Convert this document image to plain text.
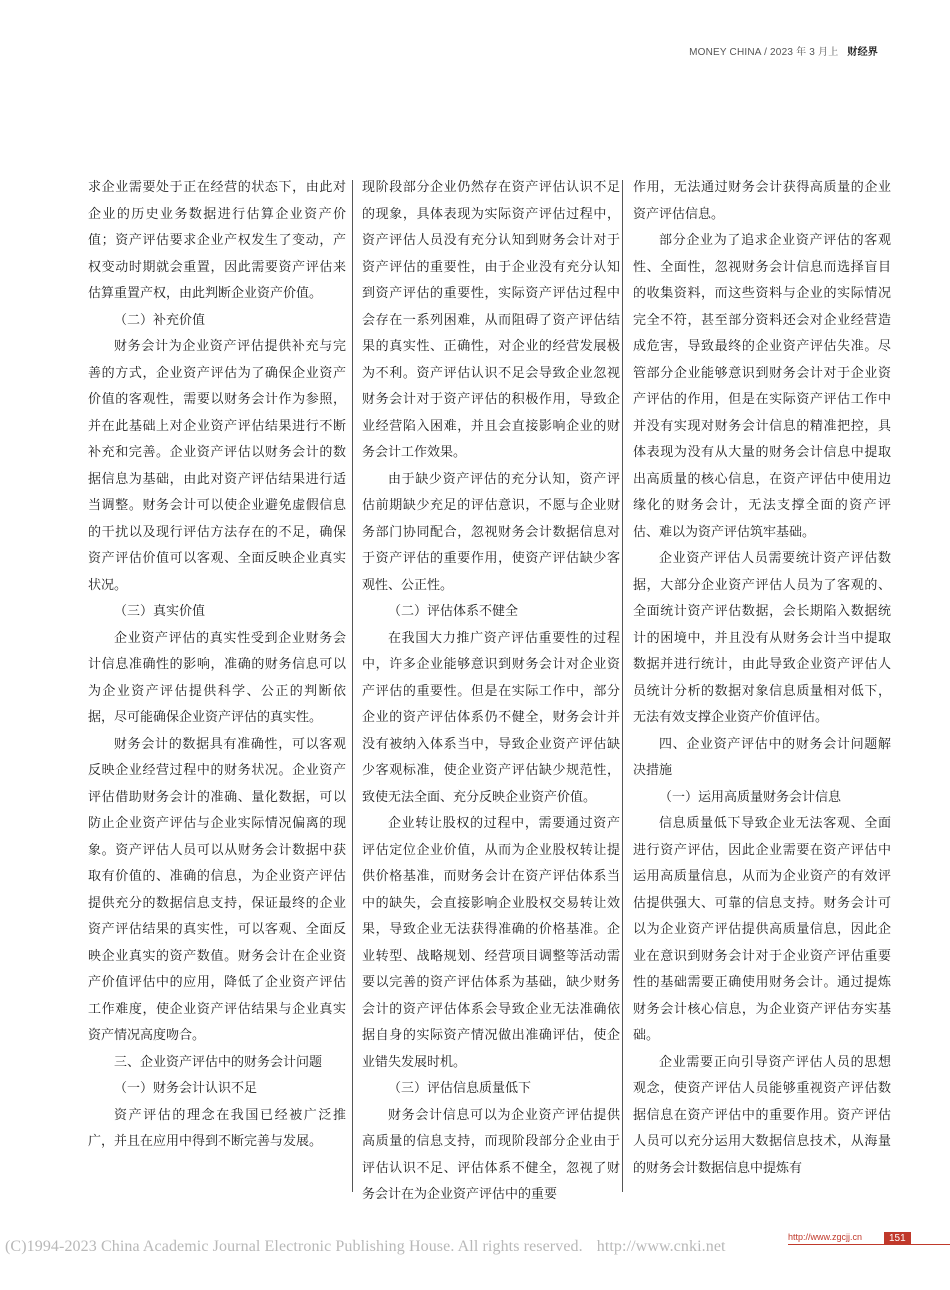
MONEY CHINA / 2023 年 3 月上 财经界

求企业需要处于正在经营的状态下，由此对企业的历史业务数据进行估算企业资产价值；资产评估要求企业产权发生了变动，产权变动时期就会重置，因此需要资产评估来估算重置产权，由此判断企业资产价值。

（二）补充价值

财务会计为企业资产评估提供补充与完善的方式，企业资产评估为了确保企业资产价值的客观性，需要以财务会计作为参照，并在此基础上对企业资产评估结果进行不断补充和完善。企业资产评估以财务会计的数据信息为基础，由此对资产评估结果进行适当调整。财务会计可以使企业避免虚假信息的干扰以及现行评估方法存在的不足，确保资产评估价值可以客观、全面反映企业真实状况。

（三）真实价值

企业资产评估的真实性受到企业财务会计信息准确性的影响，准确的财务信息可以为企业资产评估提供科学、公正的判断依据，尽可能确保企业资产评估的真实性。

财务会计的数据具有准确性，可以客观反映企业经营过程中的财务状况。企业资产评估借助财务会计的准确、量化数据，可以防止企业资产评估与企业实际情况偏离的现象。资产评估人员可以从财务会计数据中获取有价值的、准确的信息，为企业资产评估提供充分的数据信息支持，保证最终的企业资产评估结果的真实性，可以客观、全面反映企业真实的资产数值。财务会计在企业资产价值评估中的应用，降低了企业资产评估工作难度，使企业资产评估结果与企业真实资产情况高度吻合。

三、企业资产评估中的财务会计问题

（一）财务会计认识不足

资产评估的理念在我国已经被广泛推广，并且在应用中得到不断完善与发展。

现阶段部分企业仍然存在资产评估认识不足的现象，具体表现为实际资产评估过程中，资产评估人员没有充分认知到财务会计对于资产评估的重要性，由于企业没有充分认知到资产评估的重要性，实际资产评估过程中会存在一系列困难，从而阻碍了资产评估结果的真实性、正确性，对企业的经营发展极为不利。资产评估认识不足会导致企业忽视财务会计对于资产评估的积极作用，导致企业经营陷入困难，并且会直接影响企业的财务会计工作效果。

由于缺少资产评估的充分认知，资产评估前期缺少充足的评估意识，不愿与企业财务部门协同配合，忽视财务会计数据信息对于资产评估的重要作用，使资产评估缺少客观性、公正性。

（二）评估体系不健全

在我国大力推广资产评估重要性的过程中，许多企业能够意识到财务会计对企业资产评估的重要性。但是在实际工作中，部分企业的资产评估体系仍不健全，财务会计并没有被纳入体系当中，导致企业资产评估缺少客观标准，使企业资产评估缺少规范性，致使无法全面、充分反映企业资产价值。

企业转让股权的过程中，需要通过资产评估定位企业价值，从而为企业股权转让提供价格基准，而财务会计在资产评估体系当中的缺失，会直接影响企业股权交易转让效果，导致企业无法获得准确的价格基准。企业转型、战略规划、经营项目调整等活动需要以完善的资产评估体系为基础，缺少财务会计的资产评估体系会导致企业无法准确依据自身的实际资产情况做出准确评估，使企业错失发展时机。

（三）评估信息质量低下

财务会计信息可以为企业资产评估提供高质量的信息支持，而现阶段部分企业由于评估认识不足、评估体系不健全，忽视了财务会计在为企业资产评估中的重要

作用，无法通过财务会计获得高质量的企业资产评估信息。

部分企业为了追求企业资产评估的客观性、全面性，忽视财务会计信息而选择盲目的收集资料，而这些资料与企业的实际情况完全不符，甚至部分资料还会对企业经营造成危害，导致最终的企业资产评估失准。尽管部分企业能够意识到财务会计对于企业资产评估的作用，但是在实际资产评估工作中并没有实现对财务会计信息的精准把控，具体表现为没有从大量的财务会计信息中提取出高质量的核心信息，在资产评估中使用边缘化的财务会计，无法支撑全面的资产评估、难以为资产评估筑牢基础。

企业资产评估人员需要统计资产评估数据，大部分企业资产评估人员为了客观的、全面统计资产评估数据，会长期陷入数据统计的困境中，并且没有从财务会计当中提取数据并进行统计，由此导致企业资产评估人员统计分析的数据对象信息质量相对低下，无法有效支撑企业资产价值评估。

四、企业资产评估中的财务会计问题解决措施

（一）运用高质量财务会计信息

信息质量低下导致企业无法客观、全面进行资产评估，因此企业需要在资产评估中运用高质量信息，从而为企业资产的有效评估提供强大、可靠的信息支持。财务会计可以为企业资产评估提供高质量信息，因此企业在意识到财务会计对于企业资产评估重要性的基础需要正确使用财务会计。通过提炼财务会计核心信息，为企业资产评估夯实基础。

企业需要正向引导资产评估人员的思想观念，使资产评估人员能够重视资产评估数据信息在资产评估中的重要作用。资产评估人员可以充分运用大数据信息技术，从海量的财务会计数据信息中提炼有

http://www.zgcjj.cn	151
(C)1994-2023 China Academic Journal Electronic Publishing House. All rights reserved. http://www.cnki.net
